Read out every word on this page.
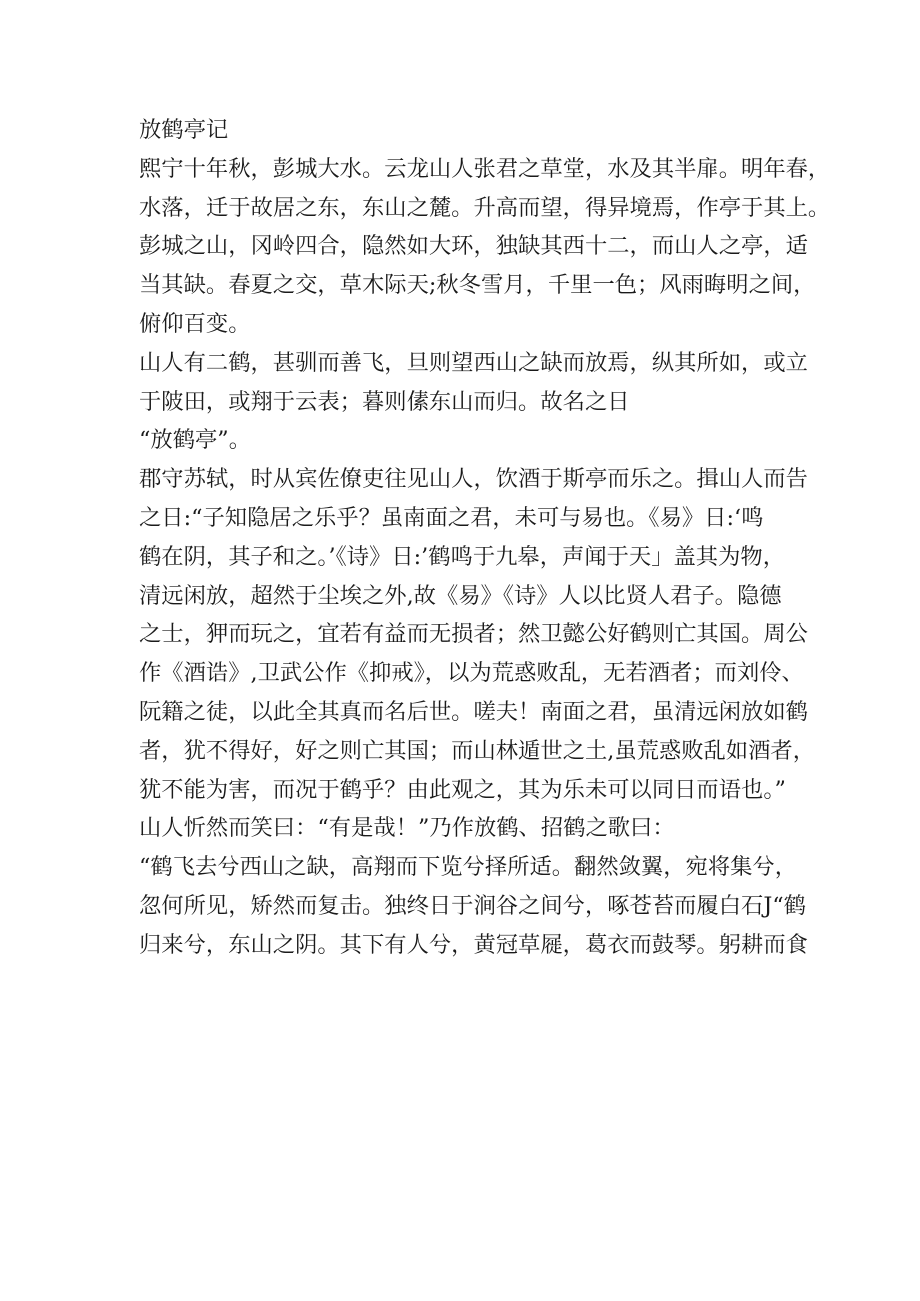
放鹤亭记
熙宁十年秋，彭城大水。云龙山人张君之草堂，水及其半扉。明年春，
水落，迁于故居之东，东山之麓。升高而望，得异境焉，作亭于其上。
彭城之山，冈岭四合，隐然如大环，独缺其西十二，而山人之亭，适
当其缺。春夏之交，草木际天;秋冬雪月，千里一色；风雨晦明之间，
俯仰百变。
山人有二鹤，甚驯而善飞，旦则望西山之缺而放焉，纵其所如，或立
于陂田，或翔于云表；暮则傃东山而归。故名之日
“放鹤亭”。
郡守苏轼，时从宾佐僚吏往见山人，饮酒于斯亭而乐之。揖山人而告
之日:“子知隐居之乐乎？虽南面之君，未可与易也。《易》日:‘鸣
鹤在阴，其子和之。’《诗》日:’鹤鸣于九皋，声闻于天」盖其为物，
清远闲放，超然于尘埃之外,故《易》《诗》人以比贤人君子。隐德
之士，狎而玩之，宜若有益而无损者；然卫懿公好鹤则亡其国。周公
作《酒诰》,卫武公作《抑戒》，以为荒惑败乱，无若酒者；而刘伶、
阮籍之徒，以此全其真而名后世。嗟夫！南面之君，虽清远闲放如鹤
者，犹不得好，好之则亡其国；而山林遁世之土,虽荒惑败乱如酒者，
犹不能为害，而况于鹤乎？由此观之，其为乐未可以同日而语也。”
山人忻然而笑曰：“有是哉！”乃作放鹤、招鹤之歌曰：
“鹤飞去兮西山之缺，高翔而下览兮择所适。翻然敛翼，宛将集兮，
忽何所见，矫然而复击。独终日于涧谷之间兮，啄苍苔而履白石J“鹤
归来兮，东山之阴。其下有人兮，黄冠草屣，葛衣而鼓琴。躬耕而食
